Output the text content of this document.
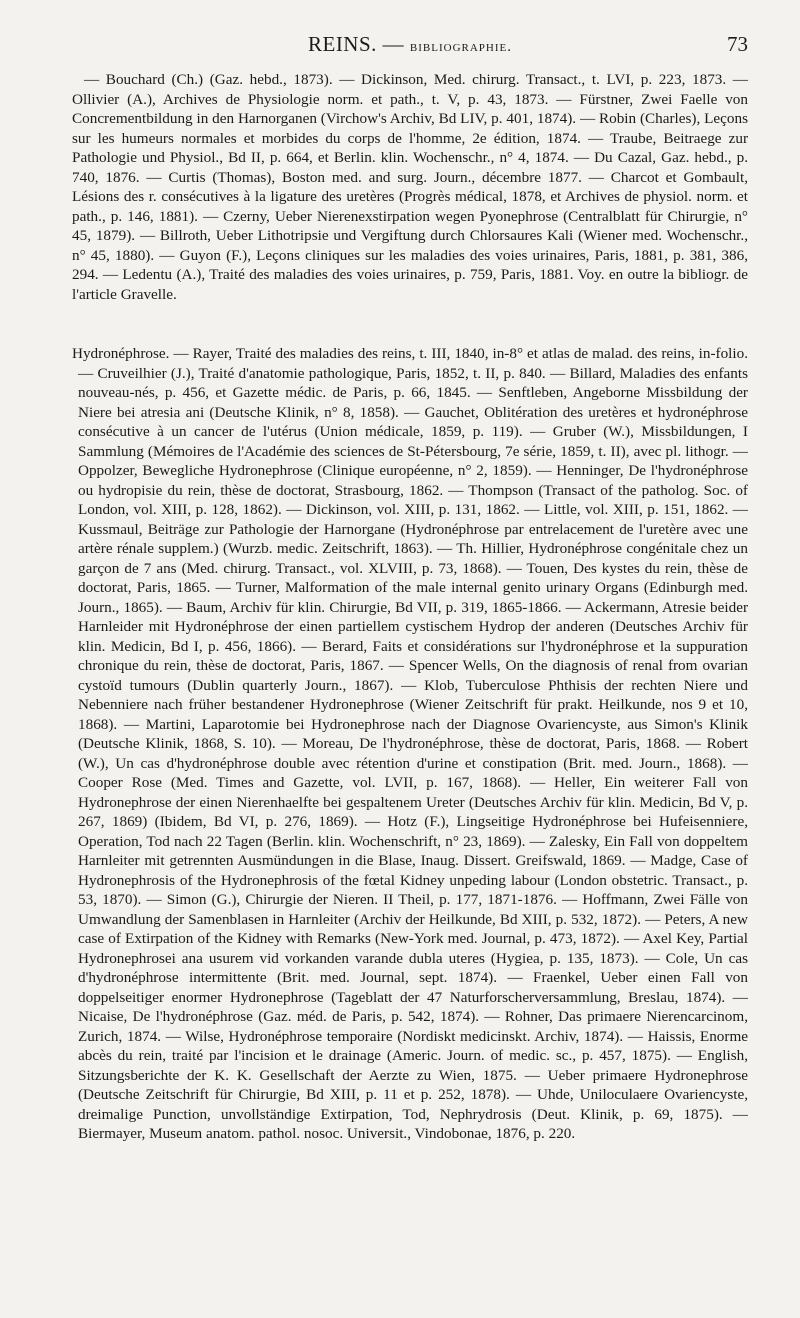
REINS. — bibliographie.	73

— Bouchard (Ch.) (Gaz. hebd., 1873). — Dickinson, Med. chirurg. Transact., t. LVI, p. 223, 1873. — Ollivier (A.), Archives de Physiologie norm. et path., t. V, p. 43, 1873. — Fürstner, Zwei Faelle von Concrementbildung in den Harnorganen (Virchow's Archiv, Bd LIV, p. 401, 1874). — Robin (Charles), Leçons sur les humeurs normales et morbides du corps de l'homme, 2e édition, 1874. — Traube, Beitraege zur Pathologie und Physiol., Bd II, p. 664, et Berlin. klin. Wochenschr., n° 4, 1874. — Du Cazal, Gaz. hebd., p. 740, 1876. — Curtis (Thomas), Boston med. and surg. Journ., décembre 1877. — Charcot et Gombault, Lésions des r. consécutives à la ligature des uretères (Progrès médical, 1878, et Archives de physiol. norm. et path., p. 146, 1881). — Czerny, Ueber Nierenexstirpation wegen Pyonephrose (Centralblatt für Chirurgie, n° 45, 1879). — Billroth, Ueber Lithotripsie und Vergiftung durch Chlorsaures Kali (Wiener med. Wochenschr., n° 45, 1880). — Guyon (F.), Leçons cliniques sur les maladies des voies urinaires, Paris, 1881, p. 381, 386, 294. — Ledentu (A.), Traité des maladies des voies urinaires, p. 759, Paris, 1881. Voy. en outre la bibliogr. de l'article Gravelle.

Hydronéphrose. — Rayer, Traité des maladies des reins, t. III, 1840, in-8° et atlas de malad. des reins, in-folio. — Cruveilhier (J.), Traité d'anatomie pathologique, Paris, 1852, t. II, p. 840. — Billard, Maladies des enfants nouveau-nés, p. 456, et Gazette médic. de Paris, p. 66, 1845. — Senftleben, Angeborne Missbildung der Niere bei atresia ani (Deutsche Klinik, n° 8, 1858). — Gauchet, Oblitération des uretères et hydronéphrose consécutive à un cancer de l'utérus (Union médicale, 1859, p. 119). — Gruber (W.), Missbildungen, I Sammlung (Mémoires de l'Académie des sciences de St-Pétersbourg, 7e série, 1859, t. II), avec pl. lithogr. — Oppolzer, Bewegliche Hydronephrose (Clinique européenne, n° 2, 1859). — Henninger, De l'hydronéphrose ou hydropisie du rein, thèse de doctorat, Strasbourg, 1862. — Thompson (Transact of the patholog. Soc. of London, vol. XIII, p. 128, 1862). — Dickinson, vol. XIII, p. 131, 1862. — Little, vol. XIII, p. 151, 1862. — Kussmaul, Beiträge zur Pathologie der Harnorgane (Hydronéphrose par entrelacement de l'uretère avec une artère rénale supplem.) (Wurzb. medic. Zeitschrift, 1863). — Th. Hillier, Hydronéphrose congénitale chez un garçon de 7 ans (Med. chirurg. Transact., vol. XLVIII, p. 73, 1868). — Touen, Des kystes du rein, thèse de doctorat, Paris, 1865. — Turner, Malformation of the male internal genito urinary Organs (Edinburgh med. Journ., 1865). — Baum, Archiv für klin. Chirurgie, Bd VII, p. 319, 1865-1866. — Ackermann, Atresie beider Harnleider mit Hydronéphrose der einen partiellem cystischem Hydrop der anderen (Deutsches Archiv für klin. Medicin, Bd I, p. 456, 1866). — Berard, Faits et considérations sur l'hydronéphrose et la suppuration chronique du rein, thèse de doctorat, Paris, 1867. — Spencer Wells, On the diagnosis of renal from ovarian cystoïd tumours (Dublin quarterly Journ., 1867). — Klob, Tuberculose Phthisis der rechten Niere und Nebenniere nach früher bestandener Hydronephrose (Wiener Zeitschrift für prakt. Heilkunde, nos 9 et 10, 1868). — Martini, Laparotomie bei Hydronephrose nach der Diagnose Ovariencyste, aus Simon's Klinik (Deutsche Klinik, 1868, S. 10). — Moreau, De l'hydronéphrose, thèse de doctorat, Paris, 1868. — Robert (W.), Un cas d'hydronéphrose double avec rétention d'urine et constipation (Brit. med. Journ., 1868). — Cooper Rose (Med. Times and Gazette, vol. LVII, p. 167, 1868). — Heller, Ein weiterer Fall von Hydronephrose der einen Nierenhaelfte bei gespaltenem Ureter (Deutsches Archiv für klin. Medicin, Bd V, p. 267, 1869) (Ibidem, Bd VI, p. 276, 1869). — Hotz (F.), Lingseitige Hydronéphrose bei Hufeisenniere, Operation, Tod nach 22 Tagen (Berlin. klin. Wochenschrift, n° 23, 1869). — Zalesky, Ein Fall von doppeltem Harnleiter mit getrennten Ausmündungen in die Blase, Inaug. Dissert. Greifswald, 1869. — Madge, Case of Hydronephrosis of the Hydronephrosis of the fœtal Kidney unpeding labour (London obstetric. Transact., p. 53, 1870). — Simon (G.), Chirurgie der Nieren. II Theil, p. 177, 1871-1876. — Hoffmann, Zwei Fälle von Umwandlung der Samenblasen in Harnleiter (Archiv der Heilkunde, Bd XIII, p. 532, 1872). — Peters, A new case of Extirpation of the Kidney with Remarks (New-York med. Journal, p. 473, 1872). — Axel Key, Partial Hydronephrosei ana usurem vid vorkanden varande dubla uteres (Hygiea, p. 135, 1873). — Cole, Un cas d'hydronéphrose intermittente (Brit. med. Journal, sept. 1874). — Fraenkel, Ueber einen Fall von doppelseitiger enormer Hydronephrose (Tageblatt der 47 Naturforscherversammlung, Breslau, 1874). — Nicaise, De l'hydronéphrose (Gaz. méd. de Paris, p. 542, 1874). — Rohner, Das primaere Nierencarcinom, Zurich, 1874. — Wilse, Hydronéphrose temporaire (Nordiskt medicinskt. Archiv, 1874). — Haissis, Enorme abcès du rein, traité par l'incision et le drainage (Americ. Journ. of medic. sc., p. 457, 1875). — English, Sitzungsberichte der K. K. Gesellschaft der Aerzte zu Wien, 1875. — Ueber primaere Hydronephrose (Deutsche Zeitschrift für Chirurgie, Bd XIII, p. 11 et p. 252, 1878). — Uhde, Uniloculaere Ovariencyste, dreimalige Punction, unvollständige Extirpation, Tod, Nephrydrosis (Deut. Klinik, p. 69, 1875). — Biermayer, Museum anatom. pathol. nosoc. Universit., Vindobonae, 1876, p. 220.
